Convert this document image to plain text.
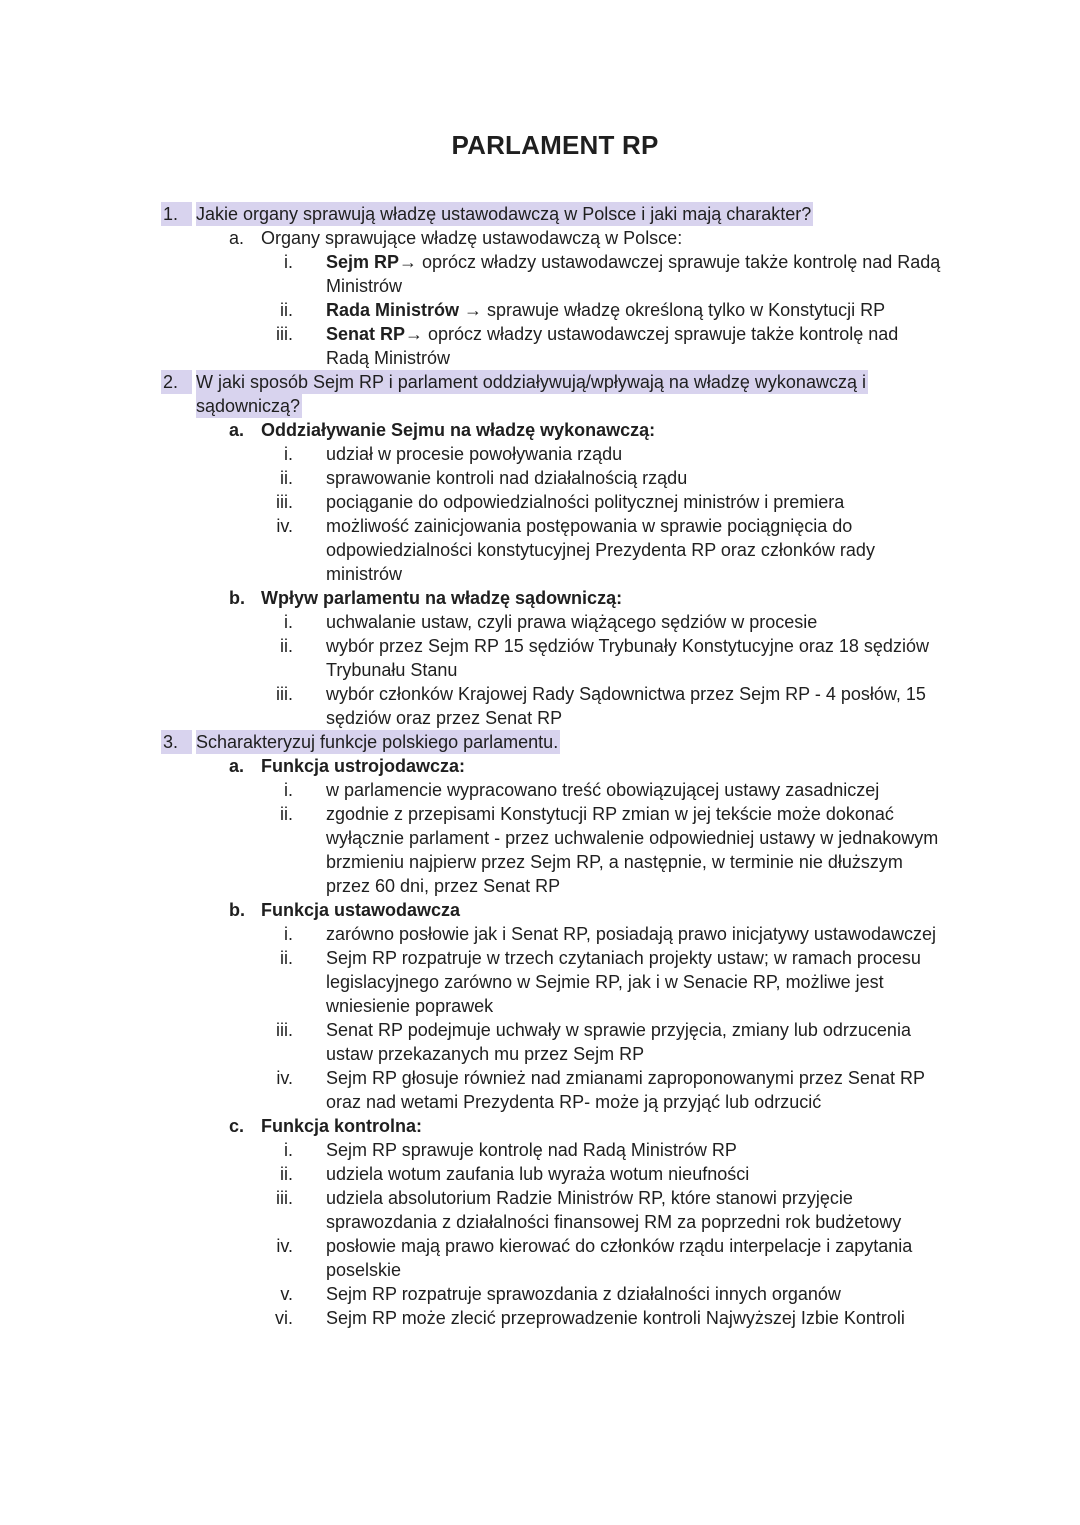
PARLAMENT RP
1. Jakie organy sprawują władzę ustawodawczą w Polsce i jaki mają charakter?
a. Organy sprawujące władzę ustawodawczą w Polsce:
i. Sejm RP→ oprócz władzy ustawodawczej sprawuje także kontrolę nad Radą
Ministrów
ii. Rada Ministrów → sprawuje władzę określoną tylko w Konstytucji RP
iii. Senat RP→ oprócz władzy ustawodawczej sprawuje także kontrolę nad
Radą Ministrów
2. W jaki sposób Sejm RP i parlament oddziaływują/wpływają na władzę wykonawczą i
sądowniczą?
a. Oddziaływanie Sejmu na władzę wykonawczą:
i. udział w procesie powoływania rządu
ii. sprawowanie kontroli nad działalnością rządu
iii. pociąganie do odpowiedzialności politycznej ministrów i premiera
iv. możliwość zainicjowania postępowania w sprawie pociągnięcia do
odpowiedzialności konstytucyjnej Prezydenta RP oraz członków rady
ministrów
b. Wpływ parlamentu na władzę sądowniczą:
i. uchwalanie ustaw, czyli prawa wiążącego sędziów w procesie
ii. wybór przez Sejm RP 15 sędziów Trybunały Konstytucyjne oraz 18 sędziów
Trybunału Stanu
iii. wybór członków Krajowej Rady Sądownictwa przez Sejm RP - 4 posłów, 15
sędziów oraz przez Senat RP
3. Scharakteryzuj funkcje polskiego parlamentu.
a. Funkcja ustrojodawcza:
i. w parlamencie wypracowano treść obowiązującej ustawy zasadniczej
ii. zgodnie z przepisami Konstytucji RP zmian w jej tekście może dokonać
wyłącznie parlament - przez uchwalenie odpowiedniej ustawy w jednakowym
brzmieniu najpierw przez Sejm RP, a następnie, w terminie nie dłuższym
przez 60 dni, przez Senat RP
b. Funkcja ustawodawcza
i. zarówno posłowie jak i Senat RP, posiadają prawo inicjatywy ustawodawczej
ii. Sejm RP rozpatruje w trzech czytaniach projekty ustaw; w ramach procesu
legislacyjnego zarówno w Sejmie RP, jak i w Senacie RP, możliwe jest
wniesienie poprawek
iii. Senat RP podejmuje uchwały w sprawie przyjęcia, zmiany lub odrzucenia
ustaw przekazanych mu przez Sejm RP
iv. Sejm RP głosuje również nad zmianami zaproponowanymi przez Senat RP
oraz nad wetami Prezydenta RP- może ją przyjąć lub odrzucić
c. Funkcja kontrolna:
i. Sejm RP sprawuje kontrolę nad Radą Ministrów RP
ii. udziela wotum zaufania lub wyraża wotum nieufności
iii. udziela absolutorium Radzie Ministrów RP, które stanowi przyjęcie
sprawozdania z działalności finansowej RM za poprzedni rok budżetowy
iv. posłowie mają prawo kierować do członków rządu interpelacje i zapytania
poselskie
v. Sejm RP rozpatruje sprawozdania z działalności innych organów
vi. Sejm RP może zlecić przeprowadzenie kontroli Najwyższej Izbie Kontroli
